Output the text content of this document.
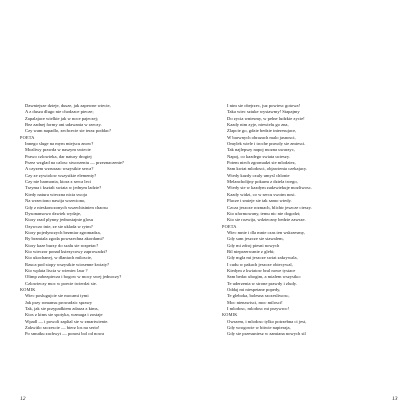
Dawniejsze dzieje, dusze, jak zapewne wiecie,
A z dusza dlugo nie chodzace piecze;
Zapalajace wielkie jak w noce pajeczej;
Bez zadnej formy ani udawania w rzeczy.
Czy wam napadlo, zechcecie sie teraz poddac?
POETA
Innego sluge na mym miejscu znow?
Mozliwy prawda w naszym swiecie
Prawo czlowieka, dar natury drogiej
Przez wzglad na calosc stworzeniu — przeznaczenie?
A czyzem wzruszac wszystkie serca?
Czy ze zywiolow wszystkie elementy?
Czy nie harmonia, ktora z serca leci
Trzyma i ksztalt swiata w jednym ladzie?
Kiedy natura wieczna nicia swoja
Na wrzeciono nawija wrzeciono,
Gdy z nieskonczonych wszechistnien chaosu
Dysonansowo dzwiek wydaje,
Ktory rzad plynny jednostajnie glosu
Ozywczo tnie, ze sie uklada w rytm?
Ktory pojedynczych bezmiar zgromadza,
By brzmiala zgoda powszechna akordami?
Ktory kaze burzy do szalu sie rozpetac?
Kto wieczor ponad ksiezycowy zaprowadzi?
Kto ukochanej, w dlaniach miloscie,
Rzuca pod stopy wszystkie wiosenne kwiaty?
Kto wplata liscia w wieniec laur ?
Olimp zabezpiecza i bogow w mocy swej jednoczy?
Czlowieczy moc w poecie twierdzi sie.
KOMIK
Wiec poslugujcie sie mocami tymi
Jak przy romansu prowadzic sprawy
Tak, jak sie przypadkiem zdarza z kims,
Ktos z kims sie spotyka, wzmaga i zostaje
Wpadl — i powoli zapltal sie w zmartwienie.
Zakwitlo szczescie — bierz los na serio!
Po smutku zachwyt — ponosi bol od nowa
I nim sie obejrzec, juz powiesc gotowa!
Taka wiec sztuke wystawmy! Stapajmy
Do zycia wniesmy, w pelne ludzkie zycie!
Kazdy nim zyje, niewielu go zna,
Zlapcie go, gdzie bedzie interesujace,
W barwnych obrazach malo jasnosci,
Omylek wiele i troche prawdy sie zmiesci.
Tak najlepszy napoj mozna uwarzyc,
Napoj, co kazdego swiata ucieszy.
Potem niech zgromadzi sie mlodziez,
Sam kwiat mlodosci, objawienia czekajacy.
Wtedy kazdy czuly umysl chlonie
Melancholijny pokarm z dziela twego,
Wtedy sie w kazdym zadzwiekuje mozliwosc.
Kazdy widzi, co w sercu swoim nosi.
Placze i smieje sie tak samo wtedy.
Czcza jeszcze rozmach, blichtr jeszcze cieszy.
Kto uformowany, temu nic nie dogodzi;
Kto sie rozwija, wdzieczny bedzie zawsze.
POETA
Wiec mnie i dla mnie czas ten wskrzesmy,
Gdy sam jeszcze sie stawalem,
Gdy mi zdroj piesni nowych
Bil nieprzerwanie z glebi;
Gdy mgla mi jeszcze swiat zakrywala,
I cudu w pakach jeszcze obiecywal,
Kiedym z kwiatow bral nowe tysiace
Sam bedac ubogim, a mialem wszystko:
Te uderzenia w strone prawdy i zludy.
Oddaj mi niespetane popedy,
Te gleboka, bolesna szczesliwosc,
Moc nienawisci, moc milosci!
I mlodosc, mlodosc mi przywroc!
KOMIK
Owszem, i mlodosc tylko potrzebna ci jest,
Gdy wrogowie w bitwie napieraja,
Gdy sie przesuniesz w zamiana nowych sil
12	13
